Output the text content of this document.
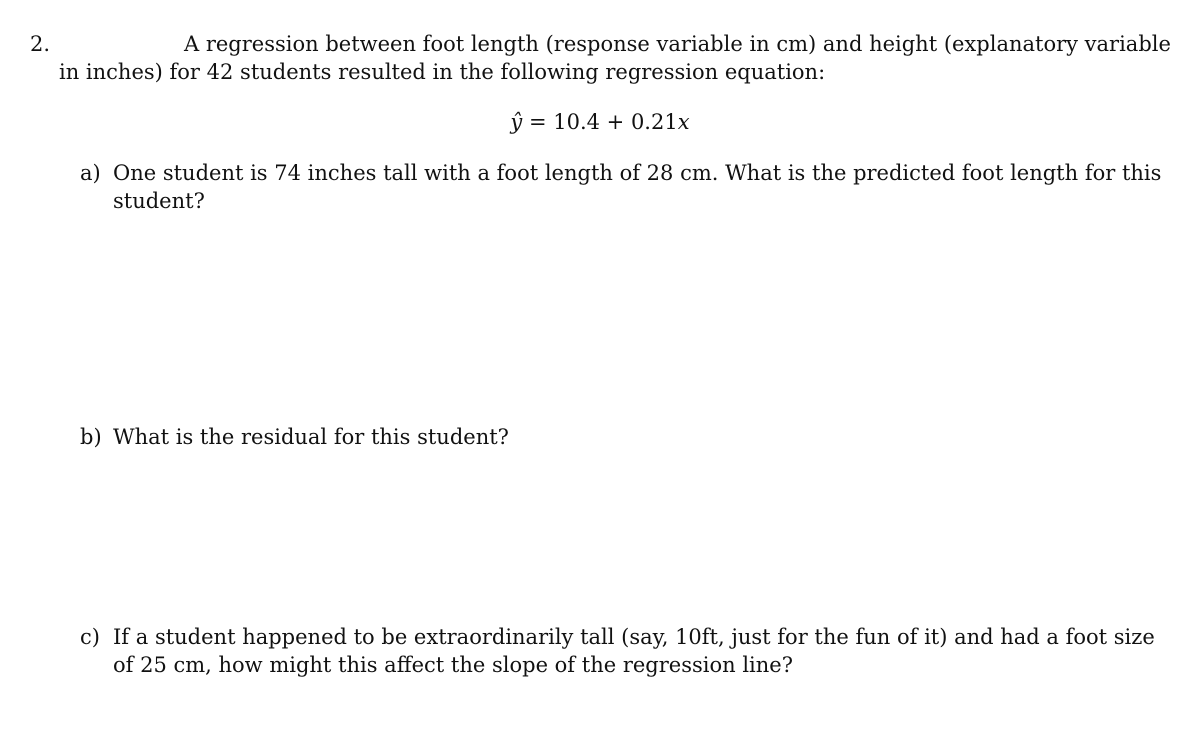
2.	A regression between foot length (response variable in cm) and height (explanatory variable
in inches) for 42 students resulted in the following regression equation:
ŷ = 10.4 + 0.21x
a) One student is 74 inches tall with a foot length of 28 cm. What is the predicted foot length for this
student?
b) What is the residual for this student?
c) If a student happened to be extraordinarily tall (say, 10ft, just for the fun of it) and had a foot size
of 25 cm, how might this affect the slope of the regression line?
